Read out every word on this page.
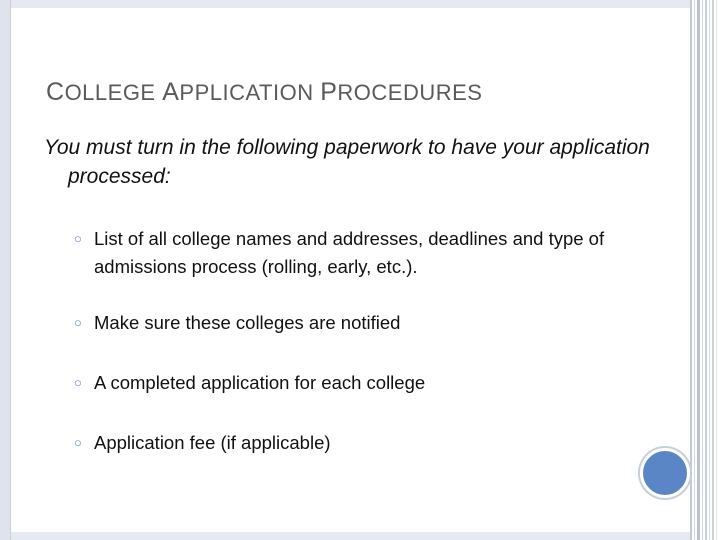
COLLEGE APPLICATION PROCEDURES
You must turn in the following paperwork to have your application processed:
○ List of all college names and addresses, deadlines and type of admissions process (rolling, early, etc.).
○ Make sure these colleges are notified
○ A completed application for each college
○ Application fee (if applicable)
